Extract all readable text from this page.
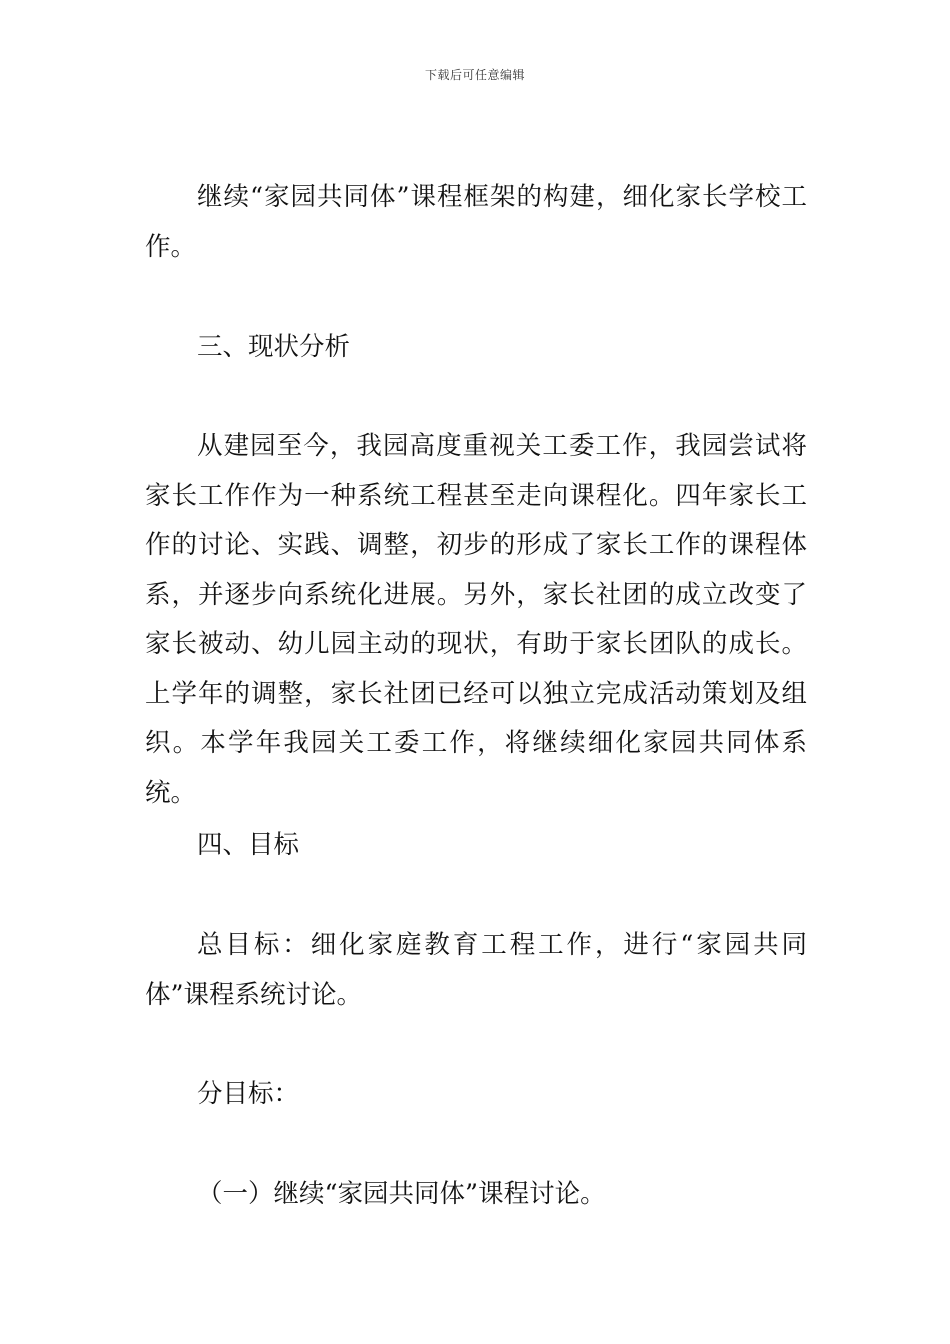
下载后可任意编辑

继续“家园共同体”课程框架的构建，细化家长学校工作。

三、现状分析

从建园至今，我园高度重视关工委工作，我园尝试将家长工作作为一种系统工程甚至走向课程化。四年家长工作的讨论、实践、调整，初步的形成了家长工作的课程体系，并逐步向系统化进展。另外，家长社团的成立改变了家长被动、幼儿园主动的现状，有助于家长团队的成长。上学年的调整，家长社团已经可以独立完成活动策划及组织。本学年我园关工委工作，将继续细化家园共同体系统。

四、目标

总目标：细化家庭教育工程工作，进行“家园共同体”课程系统讨论。

分目标：

（一）继续“家园共同体”课程讨论。
